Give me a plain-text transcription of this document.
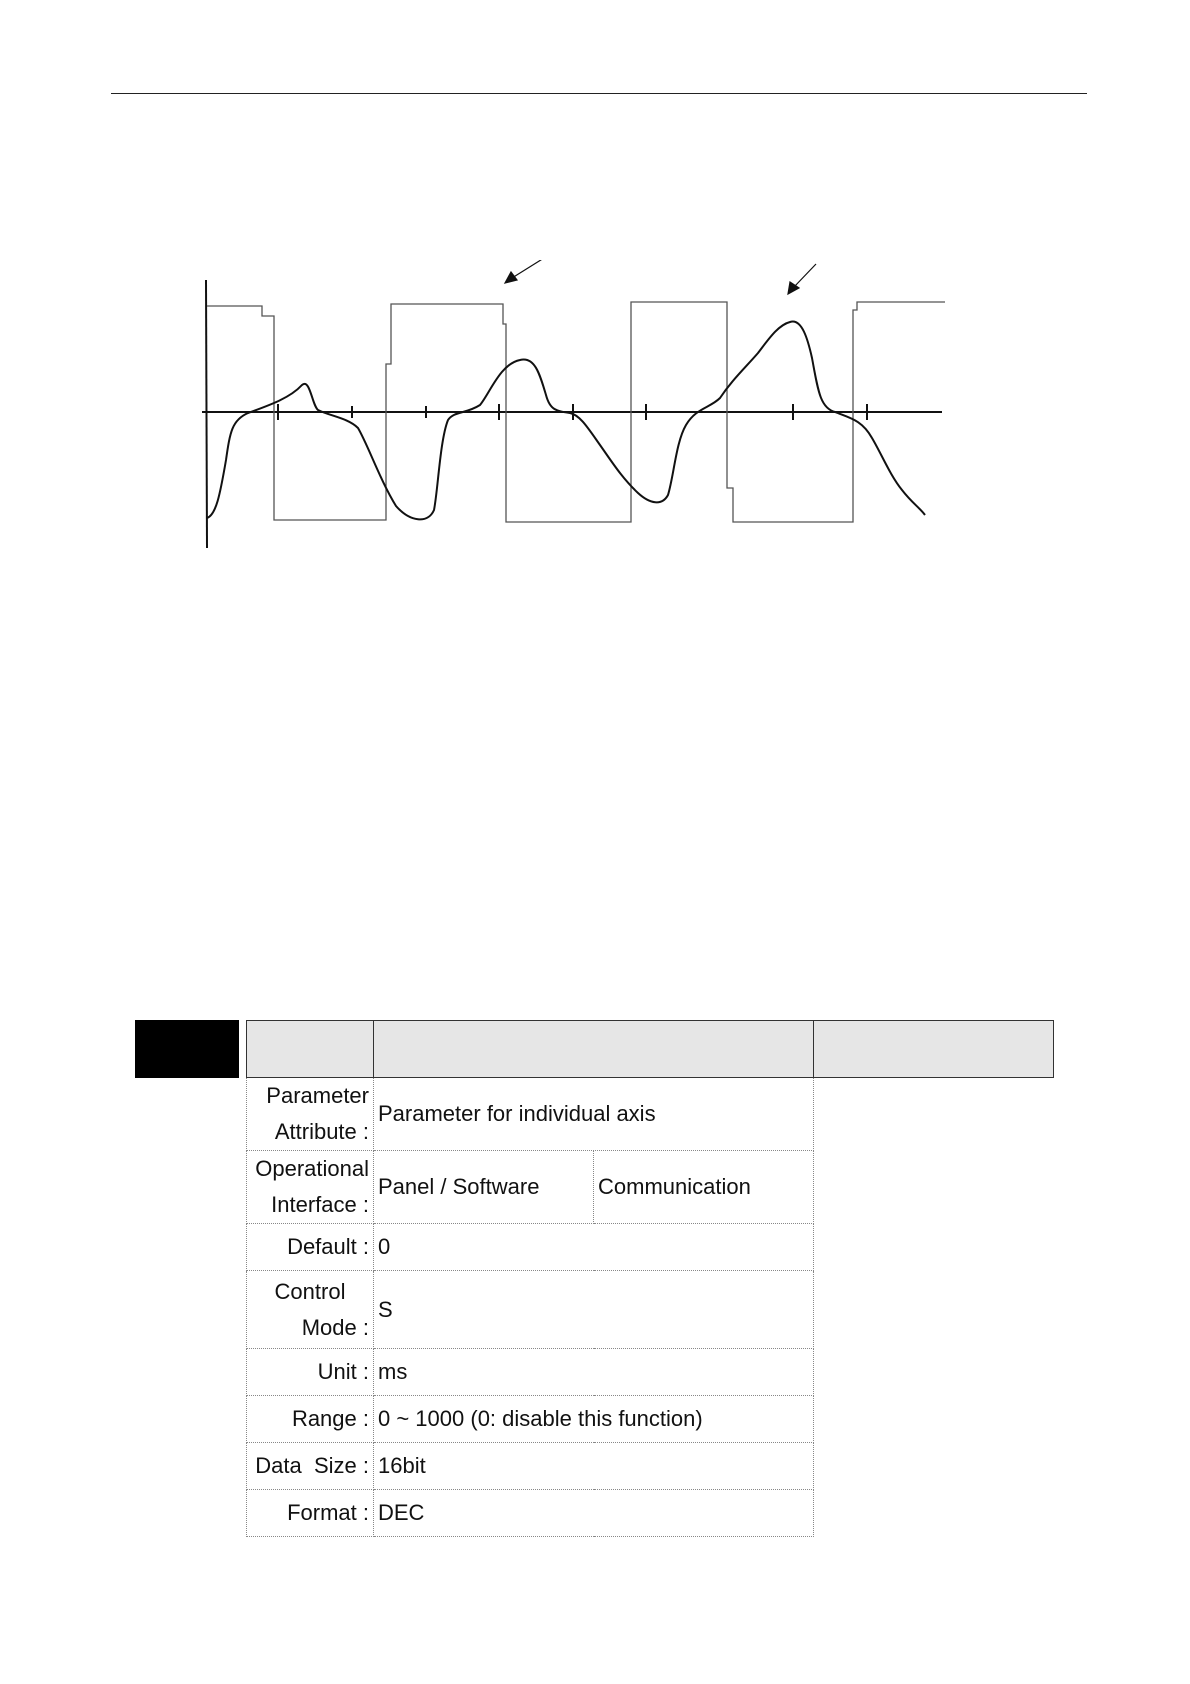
Parameter
Attribute :	Parameter for individual axis		

Operational
Interface :	Panel / Software	Communication	
Default :	0		

Control
Mode :	S		
Unit :	ms		
Range :	0 ~ 1000 (0: disable this function)		
Data  Size :	16bit		
Format :	DEC		
